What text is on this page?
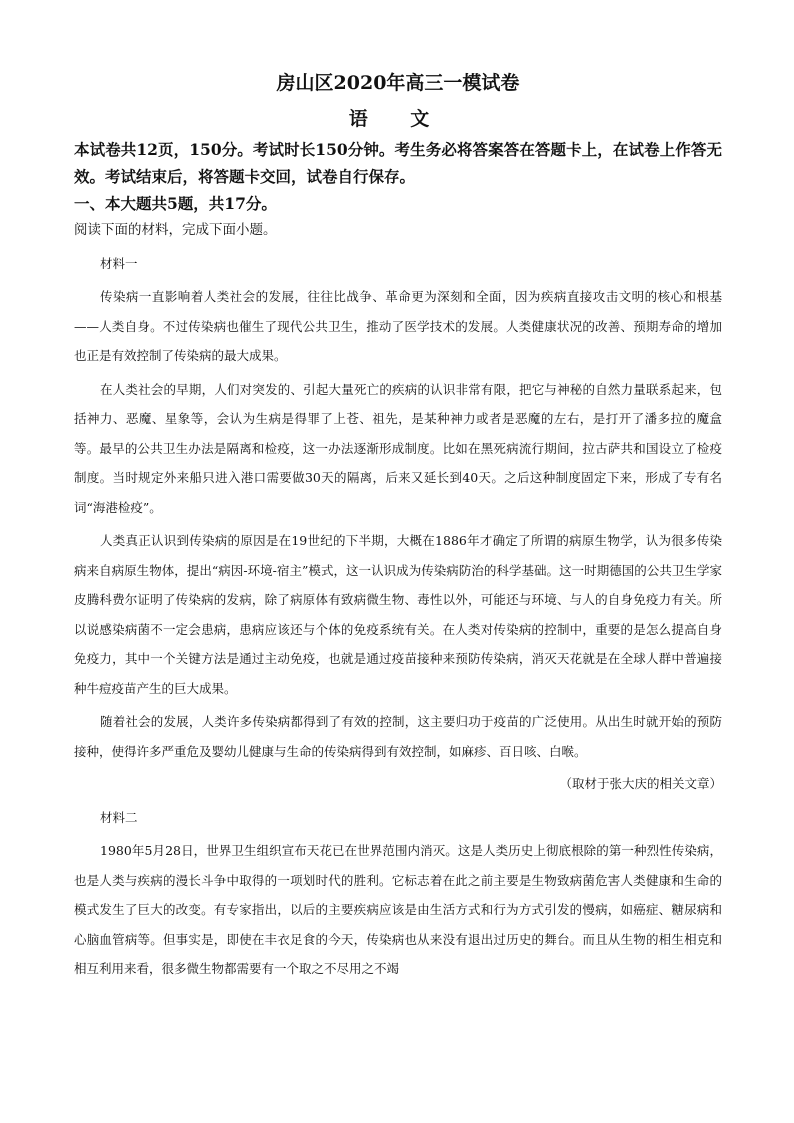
房山区2020年高三一模试卷
语 文

本试卷共12页，150分。考试时长150分钟。考生务必将答案答在答题卡上，在试卷上作答无效。考试结束后，将答题卡交回，试卷自行保存。

一、本大题共5题，共17分。

阅读下面的材料，完成下面小题。

材料一

传染病一直影响着人类社会的发展，往往比战争、革命更为深刻和全面，因为疾病直接攻击文明的核心和根基——人类自身。不过传染病也催生了现代公共卫生，推动了医学技术的发展。人类健康状况的改善、预期寿命的增加也正是有效控制了传染病的最大成果。

在人类社会的早期，人们对突发的、引起大量死亡的疾病的认识非常有限，把它与神秘的自然力量联系起来，包括神力、恶魔、星象等，会认为生病是得罪了上苍、祖先，是某种神力或者是恶魔的左右，是打开了潘多拉的魔盒等。最早的公共卫生办法是隔离和检疫，这一办法逐渐形成制度。比如在黑死病流行期间，拉古萨共和国设立了检疫制度。当时规定外来船只进入港口需要做30天的隔离，后来又延长到40天。之后这种制度固定下来，形成了专有名词“海港检疫”。

人类真正认识到传染病的原因是在19世纪的下半期，大概在1886年才确定了所谓的病原生物学，认为很多传染病来自病原生物体，提出“病因-环境-宿主”模式，这一认识成为传染病防治的科学基础。这一时期德国的公共卫生学家皮腾科费尔证明了传染病的发病，除了病原体有致病微生物、毒性以外，可能还与环境、与人的自身免疫力有关。所以说感染病菌不一定会患病，患病应该还与个体的免疫系统有关。在人类对传染病的控制中，重要的是怎么提高自身免疫力，其中一个关键方法是通过主动免疫，也就是通过疫苗接种来预防传染病，消灭天花就是在全球人群中普遍接种牛痘疫苗产生的巨大成果。

随着社会的发展，人类许多传染病都得到了有效的控制，这主要归功于疫苗的广泛使用。从出生时就开始的预防接种，使得许多严重危及婴幼儿健康与生命的传染病得到有效控制，如麻疹、百日咳、白喉。

（取材于张大庆的相关文章）

材料二

1980年5月28日，世界卫生组织宣布天花已在世界范围内消灭。这是人类历史上彻底根除的第一种烈性传染病，也是人类与疾病的漫长斗争中取得的一项划时代的胜利。它标志着在此之前主要是生物致病菌危害人类健康和生命的模式发生了巨大的改变。有专家指出，以后的主要疾病应该是由生活方式和行为方式引发的慢病，如癌症、糖尿病和心脑血管病等。但事实是，即使在丰衣足食的今天，传染病也从来没有退出过历史的舞台。而且从生物的相生相克和相互利用来看，很多微生物都需要有一个取之不尽用之不竭
